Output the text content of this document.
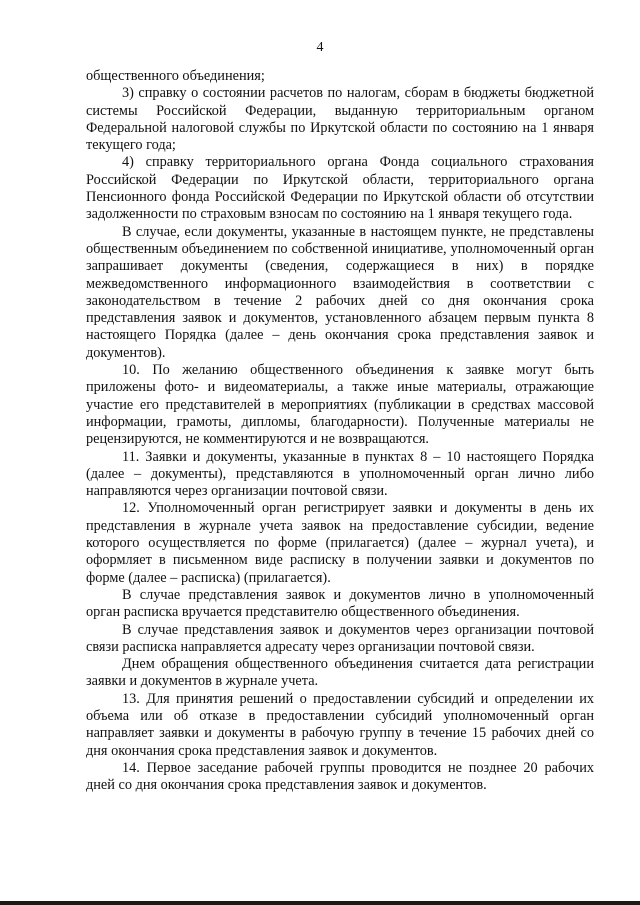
4

общественного объединения;

3) справку о состоянии расчетов по налогам, сборам в бюджеты бюджетной системы Российской Федерации, выданную территориальным органом Федеральной налоговой службы по Иркутской области по состоянию на 1 января текущего года;

4) справку территориального органа Фонда социального страхования Российской Федерации по Иркутской области, территориального органа Пенсионного фонда Российской Федерации по Иркутской области об отсутствии задолженности по страховым взносам по состоянию на 1 января текущего года.

В случае, если документы, указанные в настоящем пункте, не представлены общественным объединением по собственной инициативе, уполномоченный орган запрашивает документы (сведения, содержащиеся в них) в порядке межведомственного информационного взаимодействия в соответствии с законодательством в течение 2 рабочих дней со дня окончания срока представления заявок и документов, установленного абзацем первым пункта 8 настоящего Порядка (далее – день окончания срока представления заявок и документов).

10. По желанию общественного объединения к заявке могут быть приложены фото- и видеоматериалы, а также иные материалы, отражающие участие его представителей в мероприятиях (публикации в средствах массовой информации, грамоты, дипломы, благодарности). Полученные материалы не рецензируются, не комментируются и не возвращаются.

11. Заявки и документы, указанные в пунктах 8 – 10 настоящего Порядка (далее – документы), представляются в уполномоченный орган лично либо направляются через организации почтовой связи.

12. Уполномоченный орган регистрирует заявки и документы в день их представления в журнале учета заявок на предоставление субсидии, ведение которого осуществляется по форме (прилагается) (далее – журнал учета), и оформляет в письменном виде расписку в получении заявки и документов по форме (далее – расписка) (прилагается).

В случае представления заявок и документов лично в уполномоченный орган расписка вручается представителю общественного объединения.

В случае представления заявок и документов через организации почтовой связи расписка направляется адресату через организации почтовой связи.

Днем обращения общественного объединения считается дата регистрации заявки и документов в журнале учета.

13. Для принятия решений о предоставлении субсидий и определении их объема или об отказе в предоставлении субсидий уполномоченный орган направляет заявки и документы в рабочую группу в течение 15 рабочих дней со дня окончания срока представления заявок и документов.

14. Первое заседание рабочей группы проводится не позднее 20 рабочих дней со дня окончания срока представления заявок и документов.
